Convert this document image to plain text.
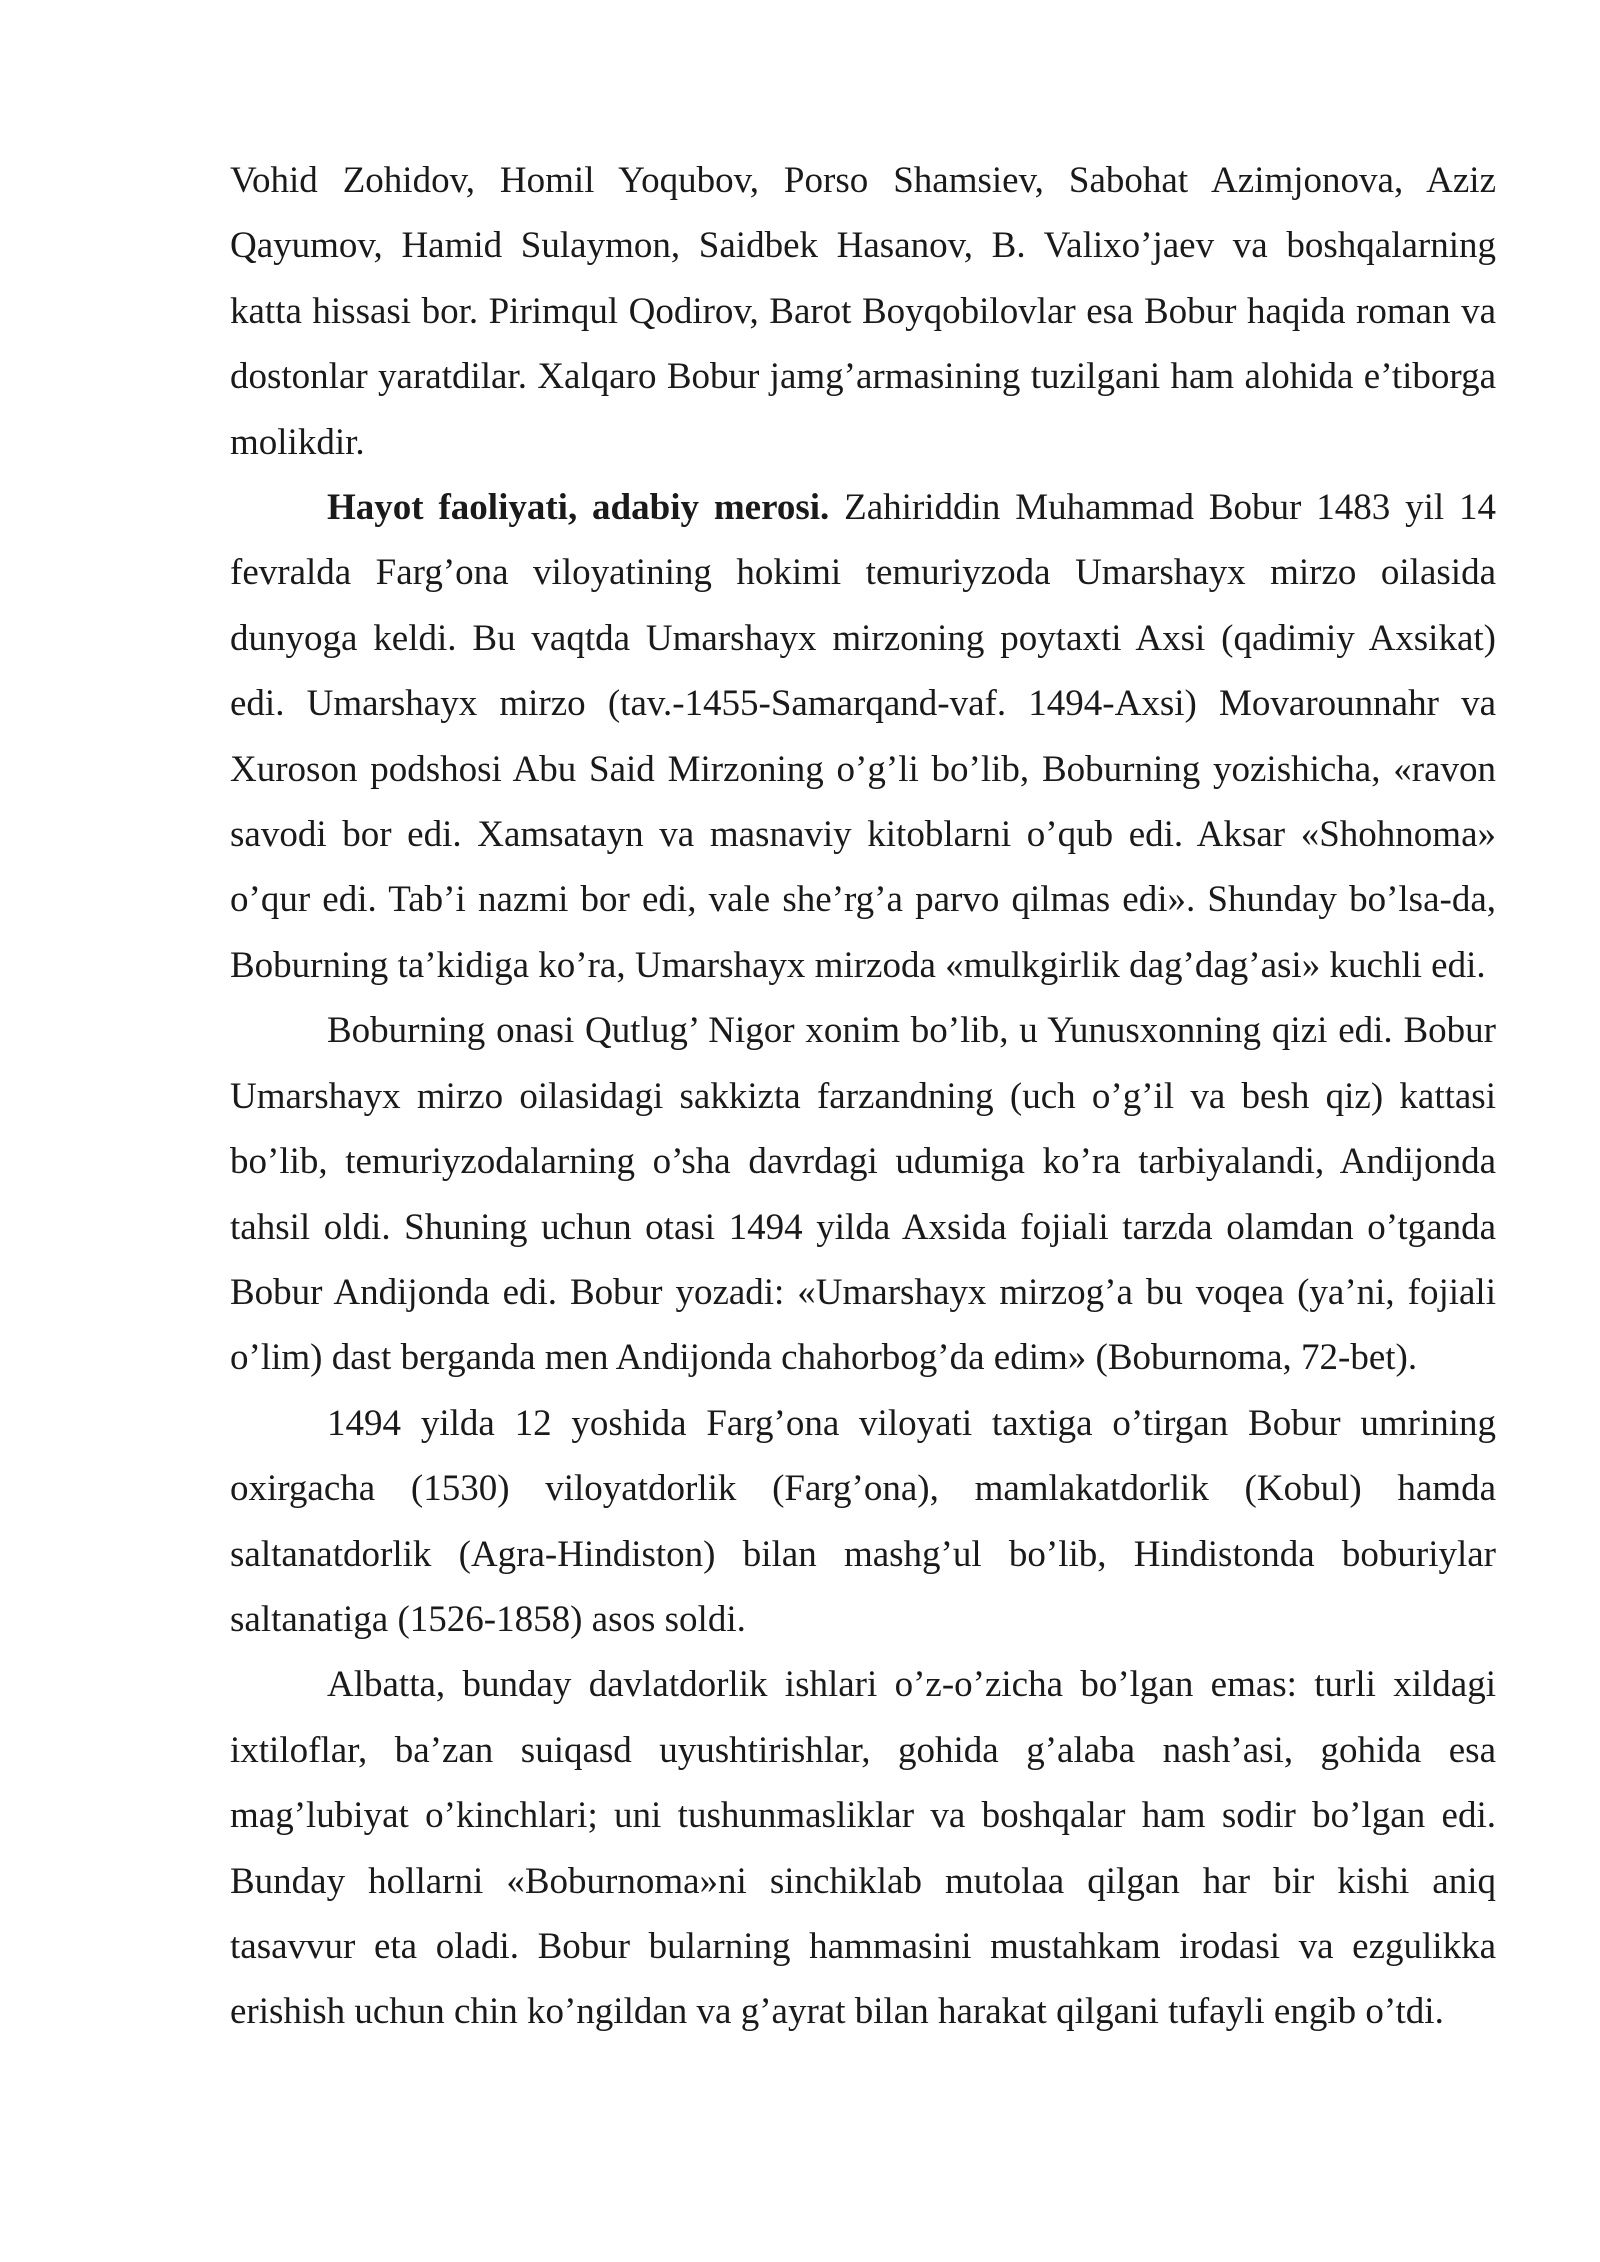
Vohid Zohidov, Homil Yoqubov, Porso Shamsiev, Sabohat Azimjonova, Aziz Qayumov, Hamid Sulaymon, Saidbek Hasanov, B. Valixo’jaev va boshqalarning katta hissasi bor. Pirimqul Qodirov, Barot Boyqobilovlar esa Bobur haqida roman va dostonlar yaratdilar. Xalqaro Bobur jamg’armasining tuzilgani ham alohida e’tiborga molikdir.

Hayot faoliyati, adabiy merosi. Zahiriddin Muhammad Bobur 1483 yil 14 fevralda Farg’ona viloyatining hokimi temuriyzoda Umarshayx mirzo oilasida dunyoga keldi. Bu vaqtda Umarshayx mirzoning poytaxti Axsi (qadimiy Axsikat) edi. Umarshayx mirzo (tav.-1455-Samarqand-vaf. 1494-Axsi) Movarounnahr va Xuroson podshosi Abu Said Mirzoning o’g’li bo’lib, Boburning yozishicha, «ravon savodi bor edi. Xamsatayn va masnaviy kitoblarni o’qub edi. Aksar «Shohnoma» o’qur edi. Tab’i nazmi bor edi, vale she’rg’a parvo qilmas edi». Shunday bo’lsa-da, Boburning ta’kidiga ko’ra, Umarshayx mirzoda «mulkgirlik dag’dag’asi» kuchli edi.

Boburning onasi Qutlug’ Nigor xonim bo’lib, u Yunusxonning qizi edi. Bobur Umarshayx mirzo oilasidagi sakkizta farzandning (uch o’g’il va besh qiz) kattasi bo’lib, temuriyzodalarning o’sha davrdagi udumiga ko’ra tarbiyalandi, Andijonda tahsil oldi. Shuning uchun otasi 1494 yilda Axsida fojiali tarzda olamdan o’tganda Bobur Andijonda edi. Bobur yozadi: «Umarshayx mirzog’a bu voqea (ya’ni, fojiali o’lim) dast berganda men Andijonda chahorbog’da edim» (Boburnoma, 72-bet).

1494 yilda 12 yoshida Farg’ona viloyati taxtiga o’tirgan Bobur umrining oxirgacha (1530) viloyatdorlik (Farg’ona), mamlakatdorlik (Kobul) hamda saltanatdorlik (Agra-Hindiston) bilan mashg’ul bo’lib, Hindistonda boburiylar saltanatiga (1526-1858) asos soldi.

Albatta, bunday davlatdorlik ishlari o’z-o’zicha bo’lgan emas: turli xildagi ixtiloflar, ba’zan suiqasd uyushtirishlar, gohida g’alaba nash’asi, gohida esa mag’lubiyat o’kinchlari; uni tushunmasliklar va boshqalar ham sodir bo’lgan edi. Bunday hollarni «Boburnoma»ni sinchiklab mutolaa qilgan har bir kishi aniq tasavvur eta oladi. Bobur bularning hammasini mustahkam irodasi va ezgulikka erishish uchun chin ko’ngildan va g’ayrat bilan harakat qilgani tufayli engib o’tdi.
